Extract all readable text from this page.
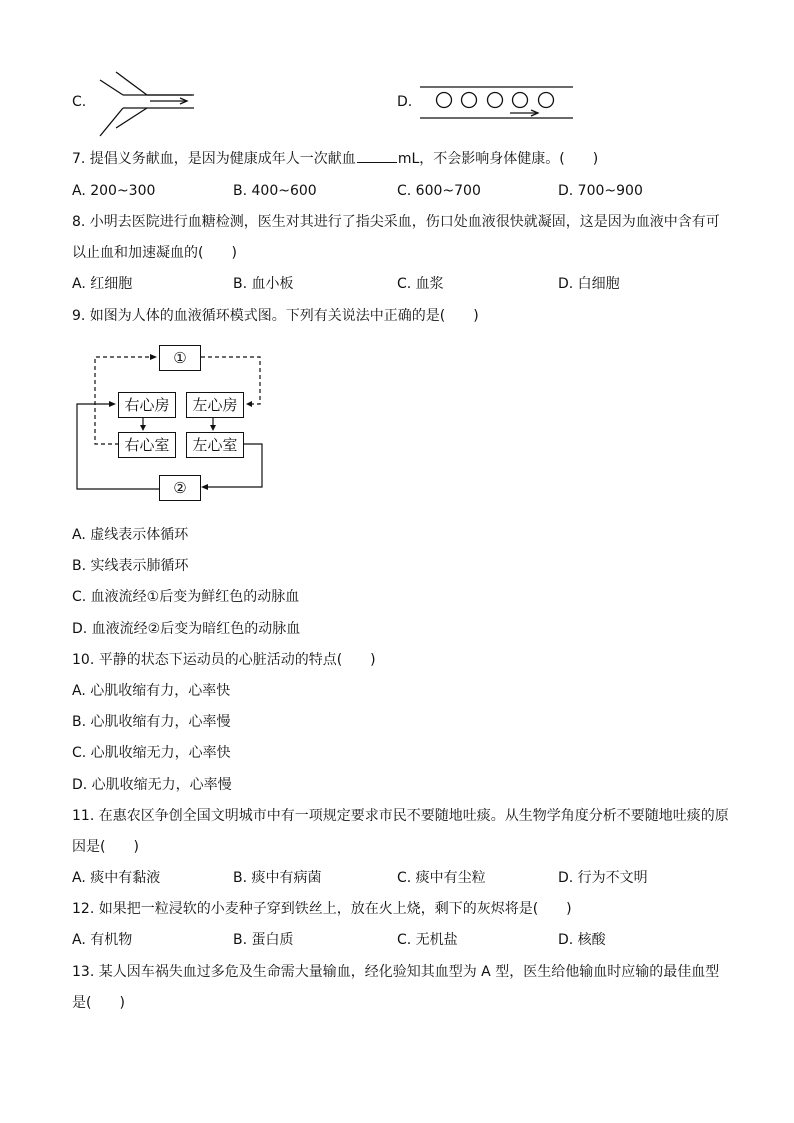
C.	D.
7. 提倡义务献血，是因为健康成年人一次献血	mL，不会影响身体健康。(　　)
A. 200~300	B. 400~600	C. 600~700	D. 700~900
8. 小明去医院进行血糖检测，医生对其进行了指尖采血，伤口处血液很快就凝固，这是因为血液中含有可
以止血和加速凝血的(　　)
A. 红细胞	B. 血小板	C. 血浆	D. 白细胞
9. 如图为人体的血液循环模式图。下列有关说法中正确的是(　　)
①
右心房	左心房
右心室	左心室
②
A. 虚线表示体循环
B. 实线表示肺循环
C. 血液流经①后变为鲜红色的动脉血
D. 血液流经②后变为暗红色的动脉血
10. 平静的状态下运动员的心脏活动的特点(　　)
A. 心肌收缩有力，心率快
B. 心肌收缩有力，心率慢
C. 心肌收缩无力，心率快
D. 心肌收缩无力，心率慢
11. 在惠农区争创全国文明城市中有一项规定要求市民不要随地吐痰。从生物学角度分析不要随地吐痰的原
因是(　　)
A. 痰中有黏液	B. 痰中有病菌	C. 痰中有尘粒	D. 行为不文明
12. 如果把一粒浸软的小麦种子穿到铁丝上，放在火上烧，剩下的灰烬将是(　　)
A. 有机物	B. 蛋白质	C. 无机盐	D. 核酸
13. 某人因车祸失血过多危及生命需大量输血，经化验知其血型为 A 型，医生给他输血时应输的最佳血型
是(　　)
